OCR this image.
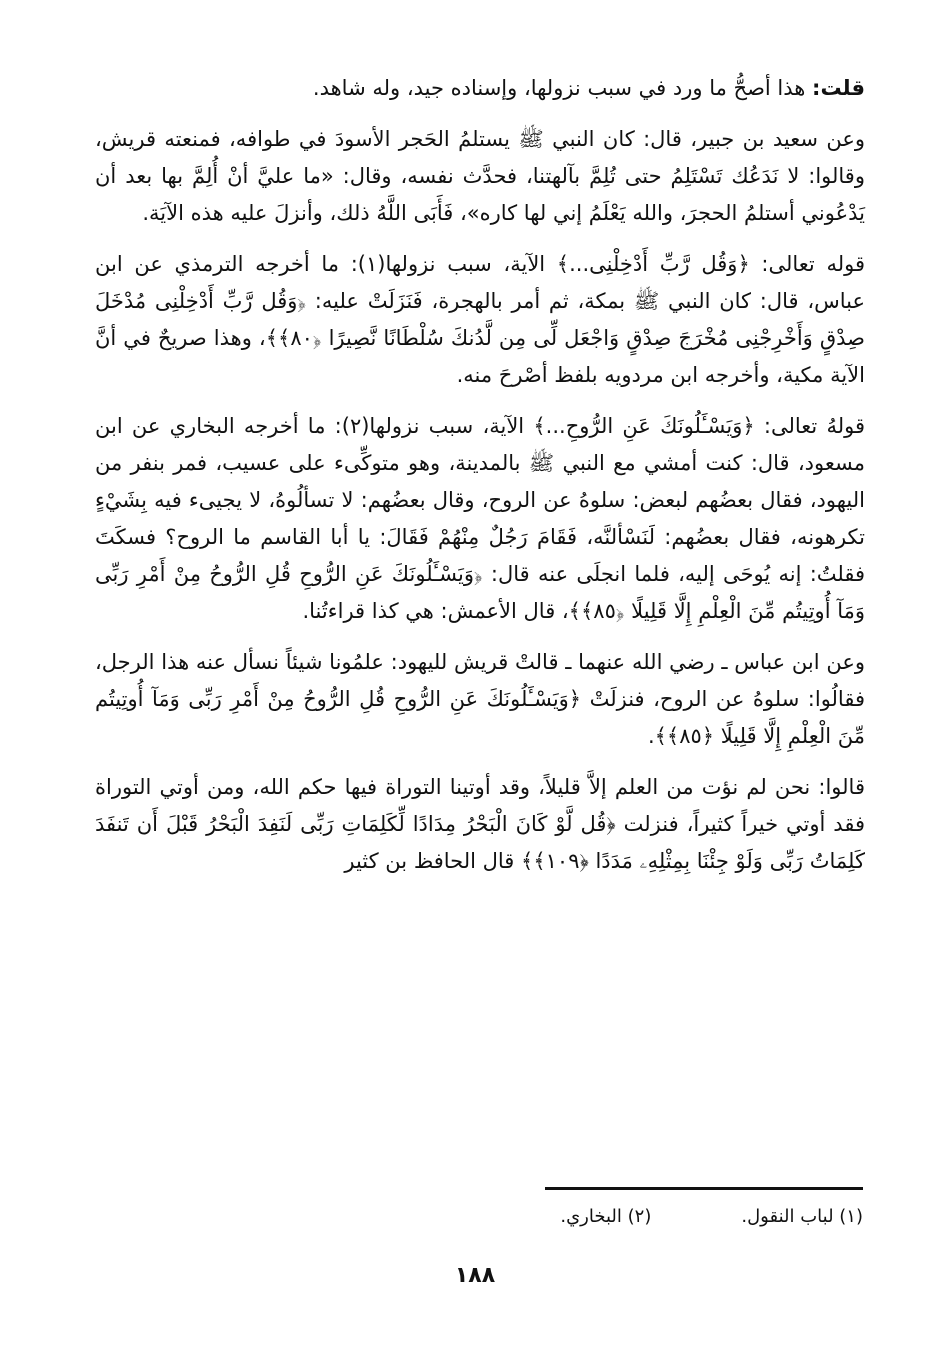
قلت: هذا أصحُّ ما ورد في سبب نزولها، وإسناده جيد، وله شاهد.

وعن سعيد بن جبير، قال: كان النبي ﷺ يستلمُ الحَجر الأسودَ في طوافه، فمنعته قريش، وقالوا: لا نَدَعُك تَسْتَلِمُ حتى تُلِمَّ بآلهتنا، فحدَّث نفسه، وقال: «ما عليَّ أنْ أُلِمَّ بها بعد أن يَدْعُوني أستلمُ الحجرَ، والله يَعْلَمُ إني لها كاره»، فَأَبَى اللَّهُ ذلك، وأنزلَ عليه هذه الآيَة.

قوله تعالى: ﴿وَقُل رَّبِّ أَدْخِلْنِى...﴾ الآية، سبب نزولها(١): ما أخرجه الترمذي عن ابن عباس، قال: كان النبي ﷺ بمكة، ثم أمر بالهجرة، فَنَزَلَتْ عليه: ﴿وَقُل رَّبِّ أَدْخِلْنِى مُدْخَلَ صِدْقٍ وَأَخْرِجْنِى مُخْرَجَ صِدْقٍ وَاجْعَل لِّى مِن لَّدُنكَ سُلْطَانًا نَّصِيرًا ﴿٨٠﴾﴾، وهذا صريحٌ في أنَّ الآية مكية، وأخرجه ابن مردويه بلفظ أصْرحَ منه.

قولهُ تعالى: ﴿وَيَسْـَٔلُونَكَ عَنِ الرُّوحِ...﴾ الآية، سبب نزولها(٢): ما أخرجه البخاري عن ابن مسعود، قال: كنت أمشي مع النبي ﷺ بالمدينة، وهو متوكِّىء على عسيب، فمر بنفر من اليهود، فقال بعضُهم لبعض: سلوهُ عن الروح، وقال بعضُهم: لا تسألُوهُ، لا يجيىء فيه بِشَيْءٍ تكرهونه، فقال بعضُهم: لَنَسْألنَّه، فَقَامَ رَجُلٌ مِنْهُمْ فَقَالَ: يا أبا القاسم ما الروح؟ فسكَتَ فقلتُ: إنه يُوحَى إليه، فلما انجلَى عنه قال: ﴿وَيَسْـَٔلُونَكَ عَنِ الرُّوحِ قُلِ الرُّوحُ مِنْ أَمْرِ رَبِّى وَمَآ أُوتِيتُم مِّنَ الْعِلْمِ إِلَّا قَلِيلًا ﴿٨٥﴾﴾، قال الأعمش: هي كذا قراءتُنا.

وعن ابن عباس ـ رضي الله عنهما ـ قالتْ قريش لليهود: علمُونا شيئاً نسأل عنه هذا الرجل، فقالُوا: سلوهُ عن الروح، فنزلَتْ ﴿وَيَسْـَٔلُونَكَ عَنِ الرُّوحِ قُلِ الرُّوحُ مِنْ أَمْرِ رَبِّى وَمَآ أُوتِيتُم مِّنَ الْعِلْمِ إِلَّا قَلِيلًا ﴿٨٥﴾﴾.

قالوا: نحن لم نؤت من العلم إلاَّ قليلاً، وقد أوتينا التوراة فيها حكم الله، ومن أوتي التوراة فقد أوتي خيراً كثيراً، فنزلت ﴿قُل لَّوْ كَانَ الْبَحْرُ مِدَادًا لِّكَلِمَاتِ رَبِّى لَنَفِدَ الْبَحْرُ قَبْلَ أَن تَنفَدَ كَلِمَاتُ رَبِّى وَلَوْ جِئْنَا بِمِثْلِهِۦ مَدَدًا ﴿١٠٩﴾﴾ قال الحافظ بن كثير

(١) لباب النقول.
(٢) البخاري.
١٨٨
